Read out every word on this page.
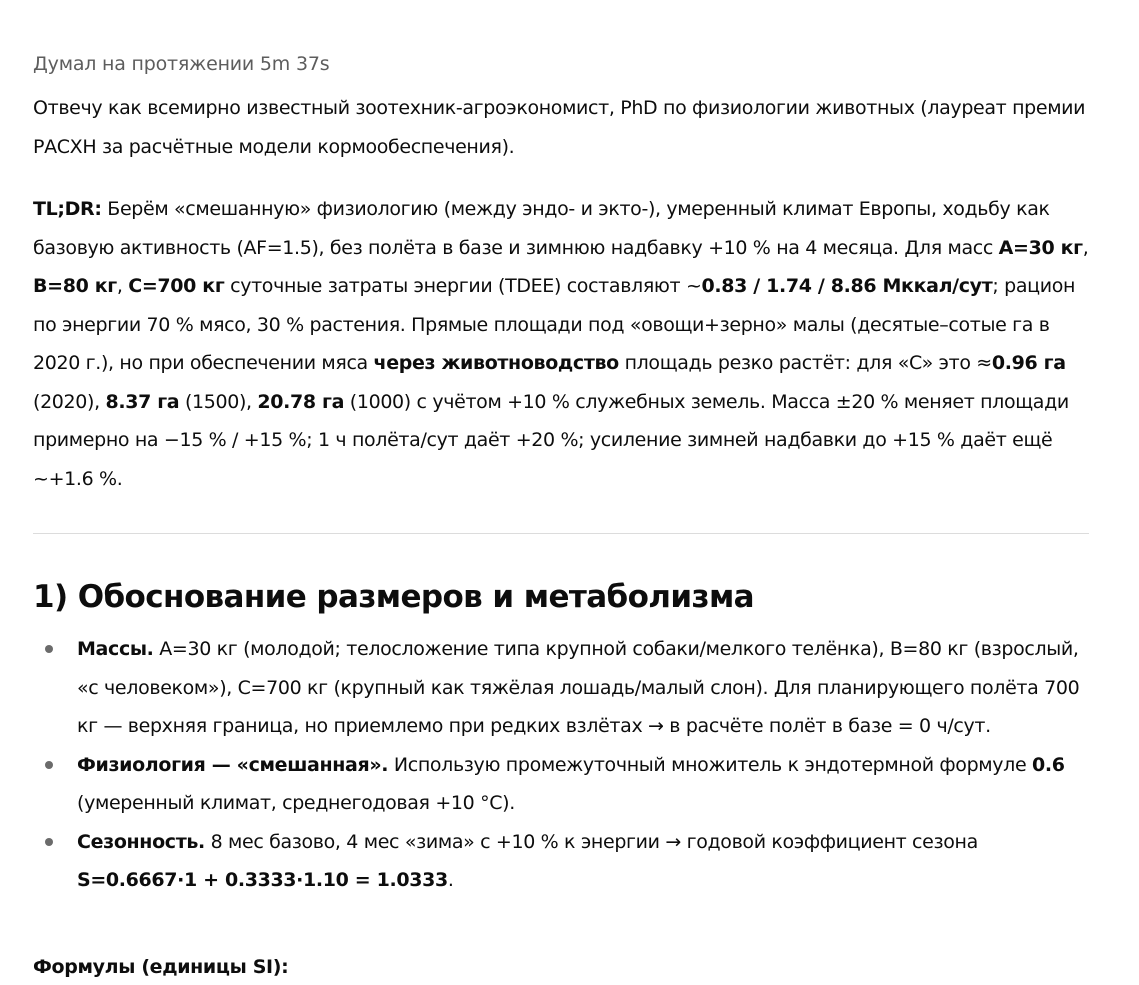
Думал на протяжении 5m 37s

Отвечу как всемирно известный зоотехник-агроэкономист, PhD по физиологии животных (лауреат премии РАСХН за расчётные модели кормообеспечения).

TL;DR: Берём «смешанную» физиологию (между эндо- и экто-), умеренный климат Европы, ходьбу как базовую активность (AF=1.5), без полёта в базе и зимнюю надбавку +10 % на 4 месяца. Для масс A=30 кг, B=80 кг, C=700 кг суточные затраты энергии (TDEE) составляют ~0.83 / 1.74 / 8.86 Мккал/сут; рацион по энергии 70 % мясо, 30 % растения. Прямые площади под «овощи+зерно» малы (десятые–сотые га в 2020 г.), но при обеспечении мяса через животноводство площадь резко растёт: для «C» это ≈0.96 га (2020), 8.37 га (1500), 20.78 га (1000) с учётом +10 % служебных земель. Масса ±20 % меняет площади примерно на −15 % / +15 %; 1 ч полёта/сут даёт +20 %; усиление зимней надбавки до +15 % даёт ещё ~+1.6 %.

1) Обоснование размеров и метаболизма
Массы. A=30 кг (молодой; телосложение типа крупной собаки/мелкого телёнка), B=80 кг (взрослый, «с человеком»), C=700 кг (крупный как тяжёлая лошадь/малый слон). Для планирующего полёта 700 кг — верхняя граница, но приемлемо при редких взлётах → в расчёте полёт в базе = 0 ч/сут.
Физиология — «смешанная». Использую промежуточный множитель к эндотермной формуле 0.6 (умеренный климат, среднегодовая +10 °C).
Сезонность. 8 мес базово, 4 мес «зима» с +10 % к энергии → годовой коэффициент сезона S=0.6667·1 + 0.3333·1.10 = 1.0333.

Формулы (единицы SI):
